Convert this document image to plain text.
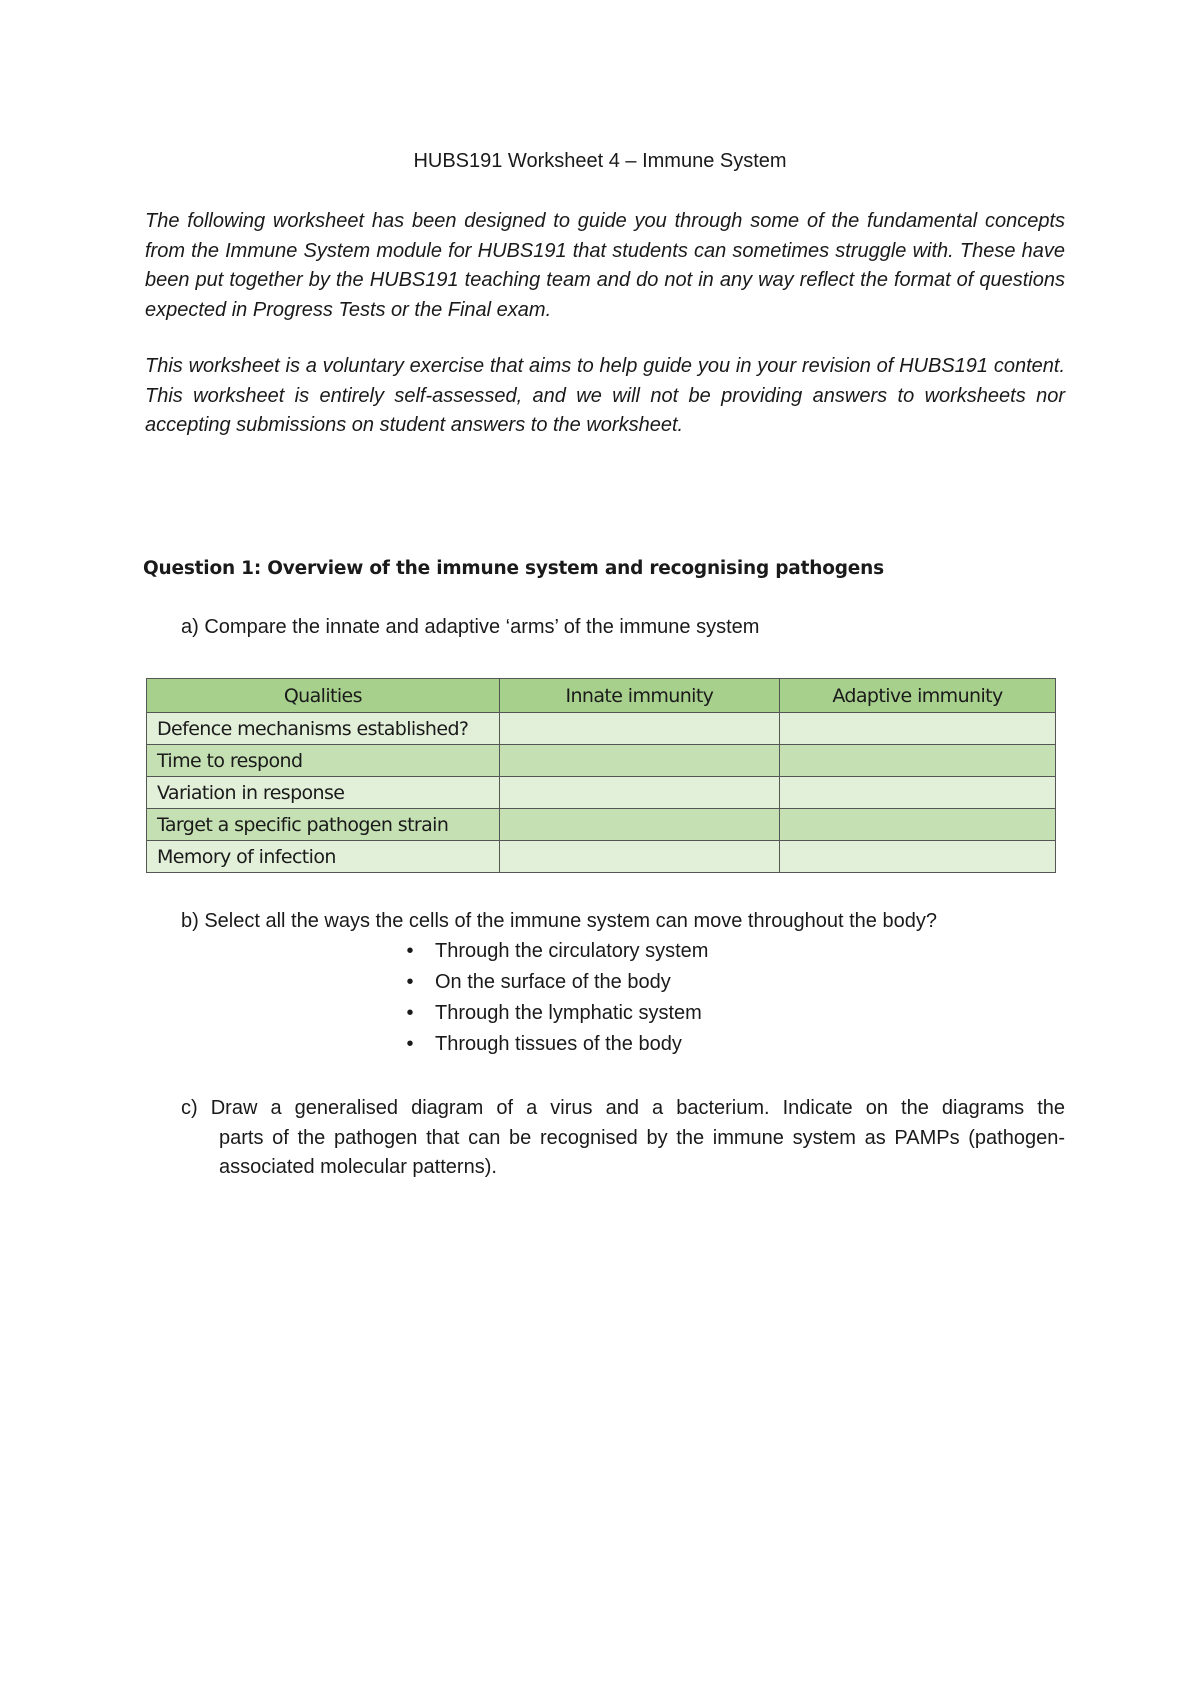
HUBS191 Worksheet 4 – Immune System

The following worksheet has been designed to guide you through some of the fundamental concepts from the Immune System module for HUBS191 that students can sometimes struggle with. These have been put together by the HUBS191 teaching team and do not in any way reflect the format of questions expected in Progress Tests or the Final exam.

This worksheet is a voluntary exercise that aims to help guide you in your revision of HUBS191 content. This worksheet is entirely self-assessed, and we will not be providing answers to worksheets nor accepting submissions on student answers to the worksheet.

Question 1: Overview of the immune system and recognising pathogens
a) Compare the innate and adaptive ‘arms’ of the immune system
Qualities	Innate immunity	Adaptive immunity
Defence mechanisms established?		
Time to respond		
Variation in response		
Target a specific pathogen strain		
Memory of infection		
b) Select all the ways the cells of the immune system can move throughout the body?
•	Through the circulatory system
•	On the surface of the body
•	Through the lymphatic system
•	Through tissues of the body
c) Draw a generalised diagram of a virus and a bacterium. Indicate on the diagrams the
parts of the pathogen that can be recognised by the immune system as PAMPs (pathogen-associated molecular patterns).
